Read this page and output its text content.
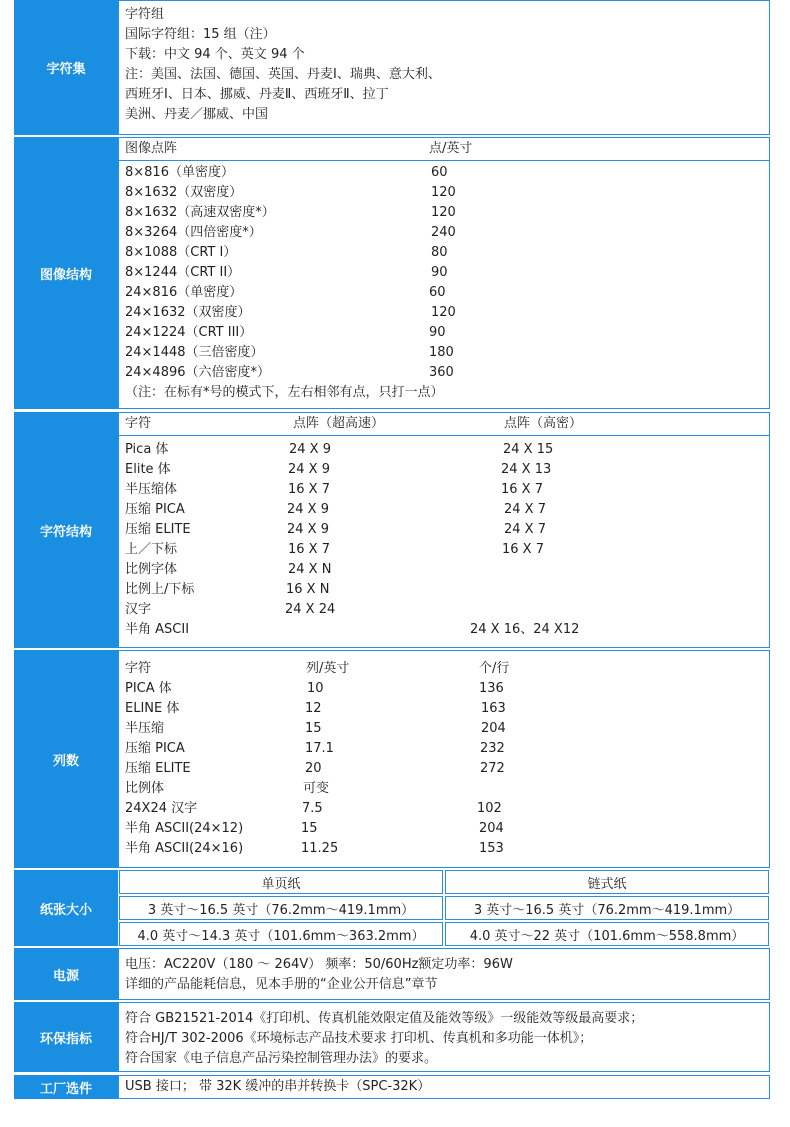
字符集
字符组
国际字符组：15 组（注）
下载：中文 94 个、英文 94 个
注：美国、法国、德国、英国、丹麦Ⅰ、瑞典、意大利、
西班牙Ⅰ、日本、挪威、丹麦Ⅱ、西班牙Ⅱ、拉丁
美洲、丹麦／挪威、中国
图像结构
图像点阵	点/英寸
8×816（单密度）	60
8×1632（双密度）	120
8×1632（高速双密度*）	120
8×3264（四倍密度*）	240
8×1088（CRT I）	80
8×1244（CRT II）	90
24×816（单密度）	60
24×1632（双密度）	120
24×1224（CRT III）	90
24×1448（三倍密度）	180
24×4896（六倍密度*）	360
（注：在标有*号的模式下，左右相邻有点，只打一点）
字符结构
字符	点阵（超高速）	点阵（高密）
Pica 体	24 X 9	24 X 15
Elite 体	24 X 9	24 X 13
半压缩体	16 X 7	16 X 7
压缩 PICA	24 X 9	24 X 7
压缩 ELITE	24 X 9	24 X 7
上／下标	16 X 7	16 X 7
比例字体	24 X N
比例上/下标	16 X N
汉字	24 X 24
半角 ASCII	24 X 16、24 X12
列数
字符	列/英寸	个/行
PICA 体	10	136
ELINE 体	12	163
半压缩	15	204
压缩 PICA	17.1	232
压缩 ELITE	20	272
比例体	可变
24X24 汉字	7.5	102
半角 ASCII(24×12)	15	204
半角 ASCII(24×16)	11.25	153
纸张大小
单页纸	链式纸
3 英寸～16.5 英寸（76.2mm～419.1mm）	3 英寸～16.5 英寸（76.2mm～419.1mm）
4.0 英寸～14.3 英寸（101.6mm～363.2mm）	4.0 英寸～22 英寸（101.6mm～558.8mm）
电源
电压：AC220V（180 ～ 264V） 频率：50/60Hz额定功率：96W
详细的产品能耗信息，见本手册的“企业公开信息”章节
环保指标
符合 GB21521-2014《打印机、传真机能效限定值及能效等级》一级能效等级最高要求；
符合HJ/T 302-2006《环境标志产品技术要求 打印机、传真机和多功能一体机》；
符合国家《电子信息产品污染控制管理办法》的要求。
工厂选件	USB 接口； 带 32K 缓冲的串并转换卡（SPC-32K）
